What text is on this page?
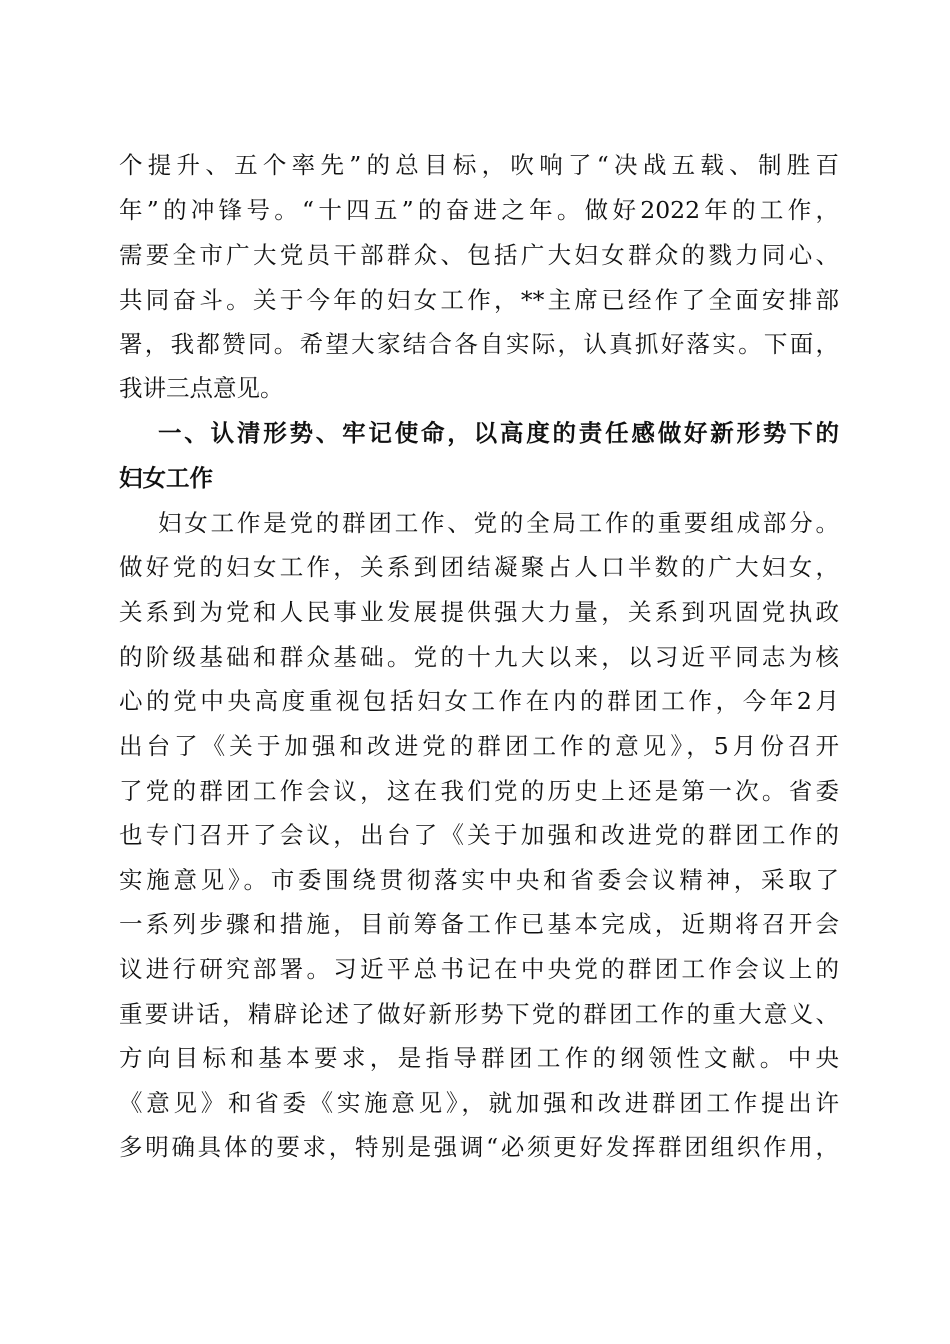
个提升、五个率先”的总目标，吹响了“决战五载、制胜百
年”的冲锋号。“十四五”的奋进之年。做好2022年的工作，
需要全市广大党员干部群众、包括广大妇女群众的戮力同心、
共同奋斗。关于今年的妇女工作，**主席已经作了全面安排部
署，我都赞同。希望大家结合各自实际，认真抓好落实。下面，
我讲三点意见。
一、认清形势、牢记使命，以高度的责任感做好新形势下的
妇女工作
妇女工作是党的群团工作、党的全局工作的重要组成部分。
做好党的妇女工作，关系到团结凝聚占人口半数的广大妇女，
关系到为党和人民事业发展提供强大力量，关系到巩固党执政
的阶级基础和群众基础。党的十九大以来，以习近平同志为核
心的党中央高度重视包括妇女工作在内的群团工作，今年2月
出台了《关于加强和改进党的群团工作的意见》，5月份召开
了党的群团工作会议，这在我们党的历史上还是第一次。省委
也专门召开了会议，出台了《关于加强和改进党的群团工作的
实施意见》。市委围绕贯彻落实中央和省委会议精神，采取了
一系列步骤和措施，目前筹备工作已基本完成，近期将召开会
议进行研究部署。习近平总书记在中央党的群团工作会议上的
重要讲话，精辟论述了做好新形势下党的群团工作的重大意义、
方向目标和基本要求，是指导群团工作的纲领性文献。中央
《意见》和省委《实施意见》，就加强和改进群团工作提出许
多明确具体的要求，特别是强调“必须更好发挥群团组织作用，
